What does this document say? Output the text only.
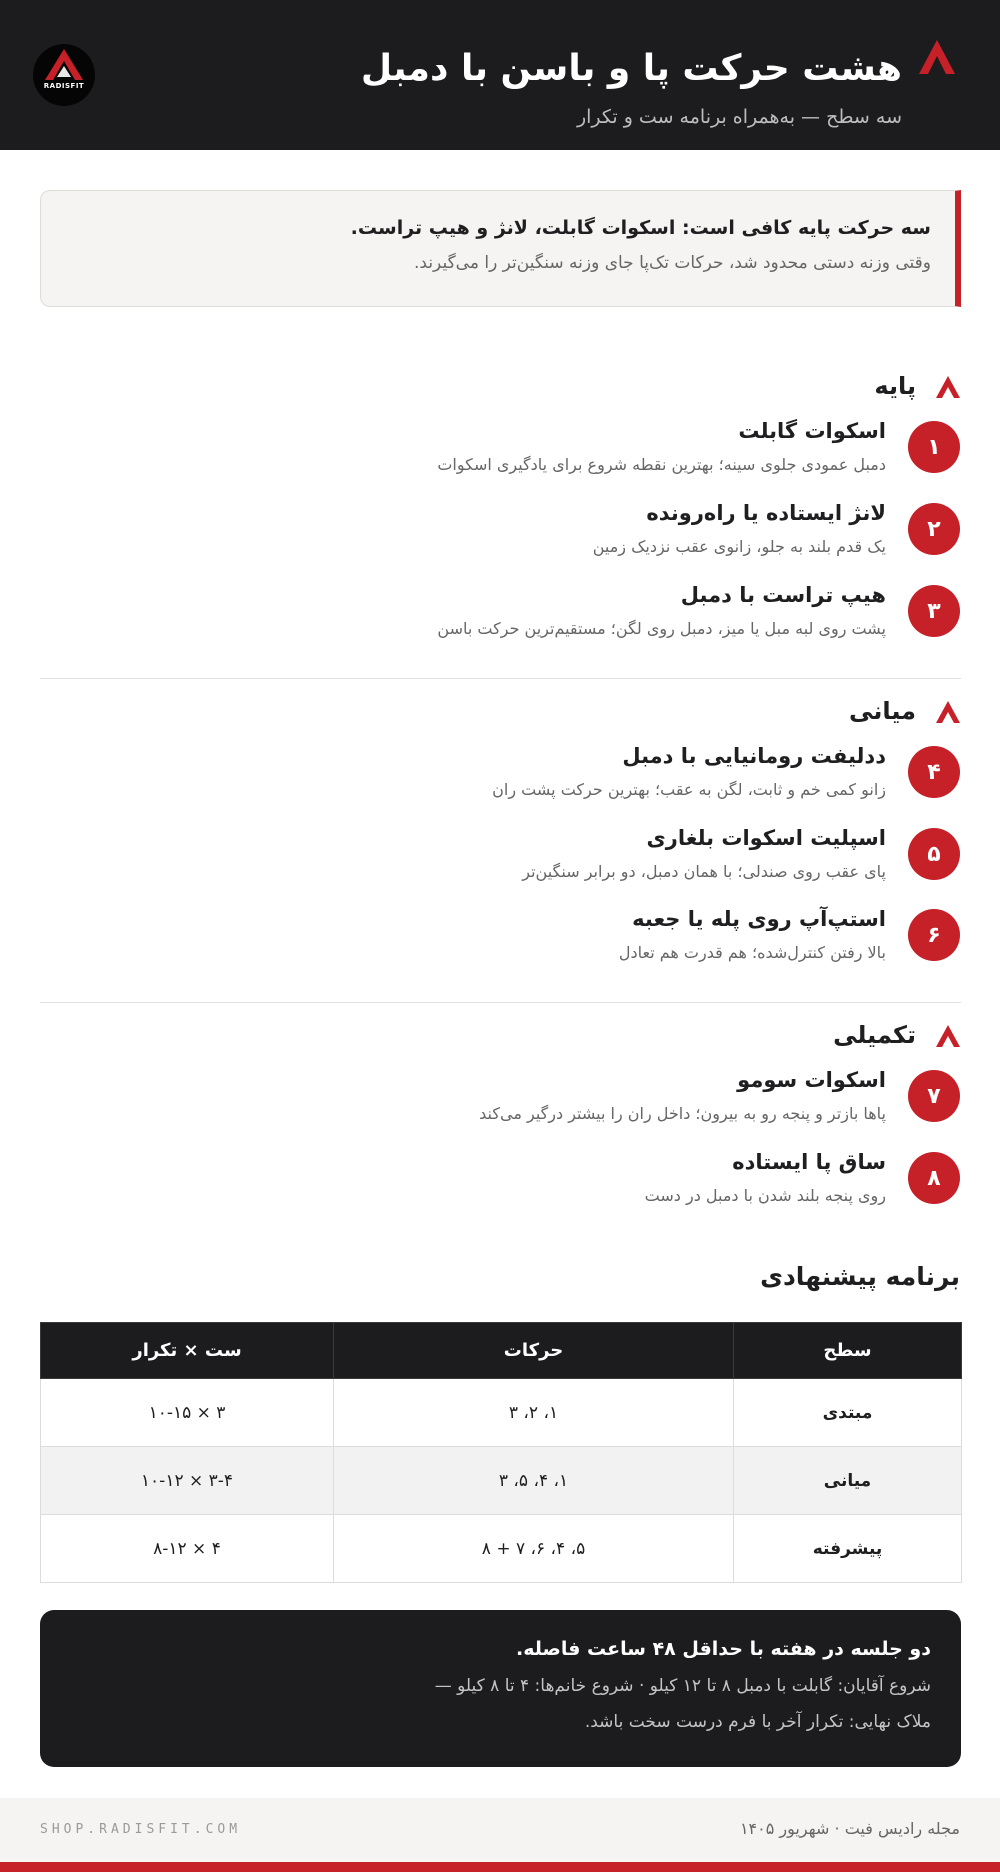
هشت حرکت پا و باسن با دمبل
سه سطح — به‌همراه برنامه ست و تکرار
RADISFIT
سه حرکت پایه کافی است: اسکوات گابلت، لانژ و هیپ تراست.
وقتی وزنه دستی محدود شد، حرکات تک‌پا جای وزنه سنگین‌تر را می‌گیرند.
پایه
۱
اسکوات گابلت
دمبل عمودی جلوی سینه؛ بهترین نقطه شروع برای یادگیری اسکوات
۲
لانژ ایستاده یا راه‌رونده
یک قدم بلند به جلو، زانوی عقب نزدیک زمین
۳
هیپ تراست با دمبل
پشت روی لبه مبل یا میز، دمبل روی لگن؛ مستقیم‌ترین حرکت باسن
میانی
۴
ددلیفت رومانیایی با دمبل
زانو کمی خم و ثابت، لگن به عقب؛ بهترین حرکت پشت ران
۵
اسپلیت اسکوات بلغاری
پای عقب روی صندلی؛ با همان دمبل، دو برابر سنگین‌تر
۶
استپ‌آپ روی پله یا جعبه
بالا رفتن کنترل‌شده؛ هم قدرت هم تعادل
تکمیلی
۷
اسکوات سومو
پاها بازتر و پنجه رو به بیرون؛ داخل ران را بیشتر درگیر می‌کند
۸
ساق پا ایستاده
روی پنجه بلند شدن با دمبل در دست
برنامه پیشنهادی
سطح	حرکات	ست × تکرار
مبتدی	۱، ۲، ۳	۳ × ۱۰-۱۵
میانی	۱، ۴، ۵، ۳	۳-۴ × ۱۰-۱۲
پیشرفته	۵، ۴، ۶، ۷ + ۸	۴ × ۸-۱۲
دو جلسه در هفته با حداقل ۴۸ ساعت فاصله.
شروع آقایان: گابلت با دمبل ۸ تا ۱۲ کیلو · شروع خانم‌ها: ۴ تا ۸ کیلو —
ملاک نهایی: تکرار آخر با فرم درست سخت باشد.
مجله رادیس فیت · شهریور ۱۴۰۵
SHOP.RADISFIT.COM
